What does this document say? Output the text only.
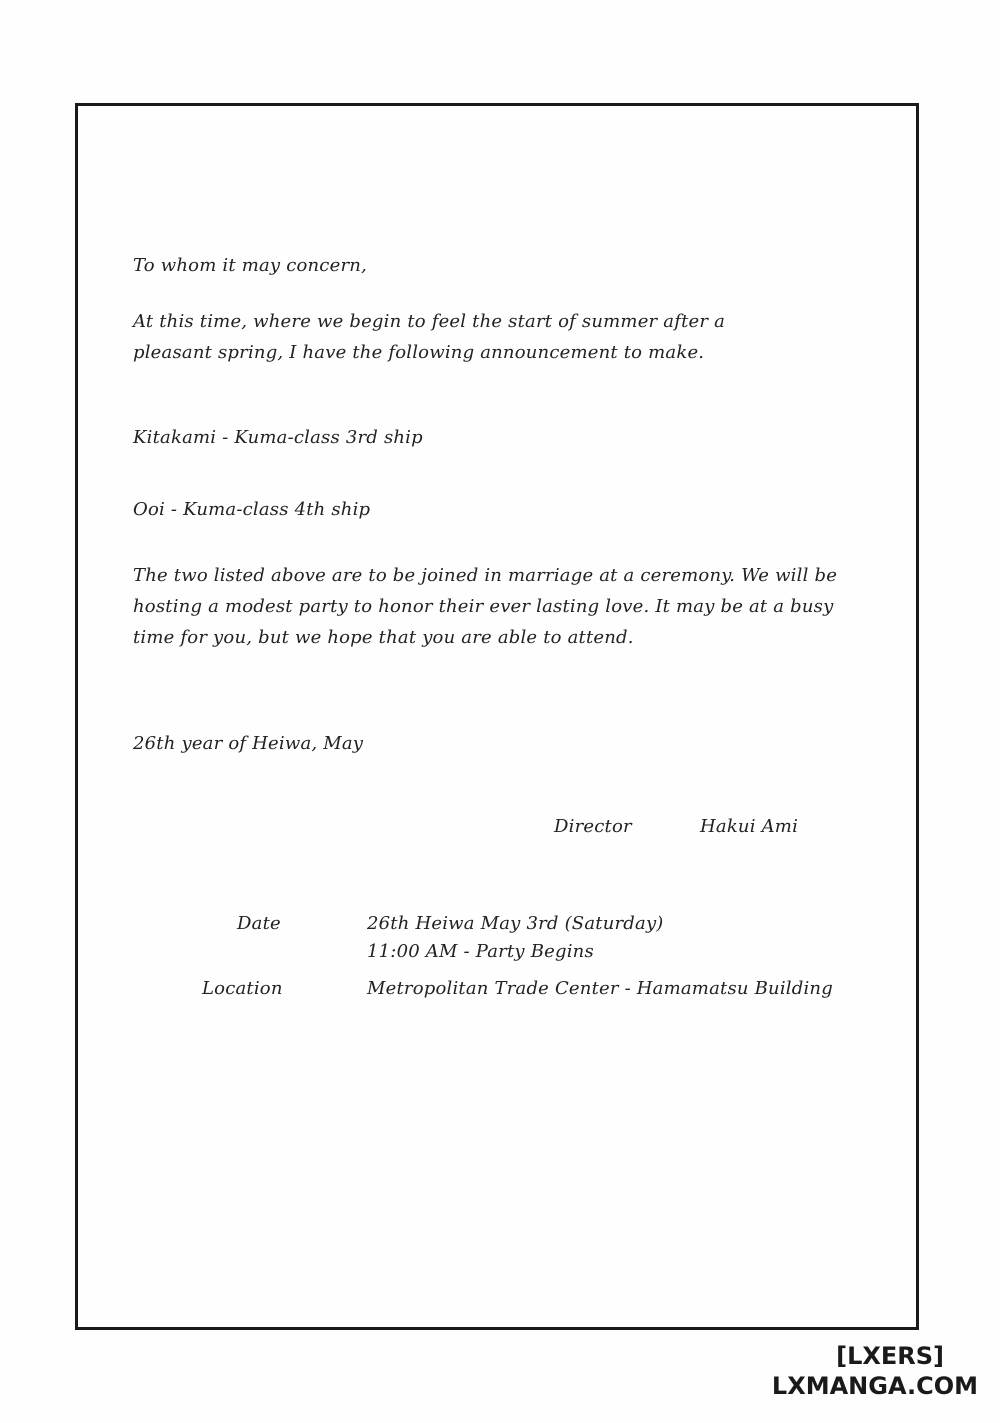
To whom it may concern,
At this time, where we begin to feel the start of summer after a
pleasant spring, I have the following announcement to make.
Kitakami - Kuma-class 3rd ship
Ooi - Kuma-class 4th ship
The two listed above are to be joined in marriage at a ceremony. We will be
hosting a modest party to honor their ever lasting love. It may be at a busy
time for you, but we hope that you are able to attend.
26th year of Heiwa, May
Director	Hakui Ami
Date	26th Heiwa May 3rd (Saturday)
11:00 AM - Party Begins
Location	Metropolitan Trade Center - Hamamatsu Building
[LXERS]
LXMANGA.COM
